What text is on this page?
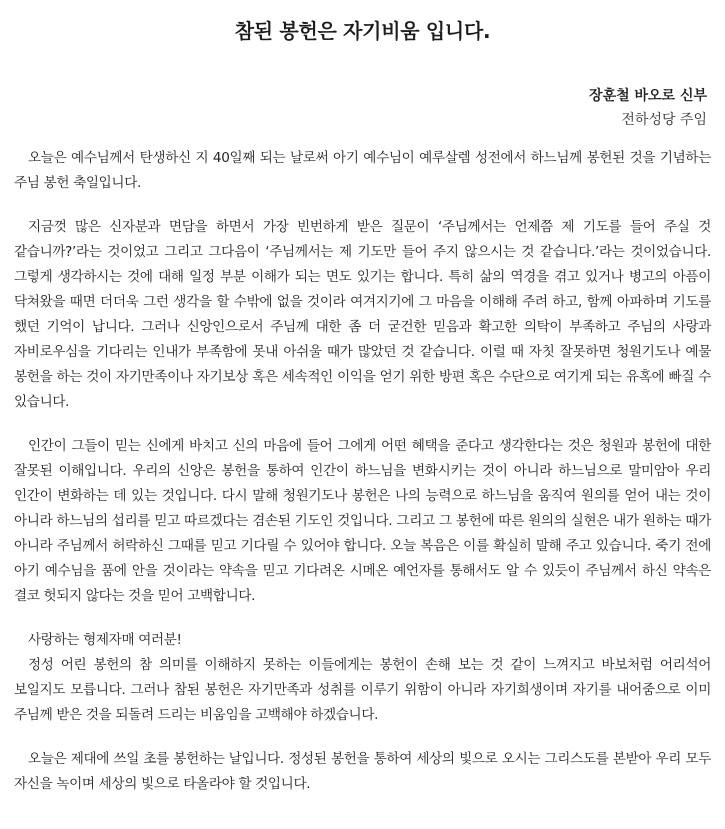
참된 봉헌은 자기비움 입니다.
장훈철 바오로 신부
전하성당 주임

오늘은 예수님께서 탄생하신 지 40일째 되는 날로써 아기 예수님이 예루살렘 성전에서 하느님께 봉헌된 것을 기념하는 주님 봉헌 축일입니다.

지금껏 많은 신자분과 면담을 하면서 가장 빈번하게 받은 질문이 ‘주님께서는 언제쯤 제 기도를 들어 주실 것 같습니까?’라는 것이었고 그리고 그다음이 ‘주님께서는 제 기도만 들어 주지 않으시는 것 같습니다.’라는 것이었습니다. 그렇게 생각하시는 것에 대해 일정 부분 이해가 되는 면도 있기는 합니다. 특히 삶의 역경을 겪고 있거나 병고의 아픔이 닥쳐왔을 때면 더더욱 그런 생각을 할 수밖에 없을 것이라 여겨지기에 그 마음을 이해해 주려 하고, 함께 아파하며 기도를 했던 기억이 납니다. 그러나 신앙인으로서 주님께 대한 좀 더 굳건한 믿음과 확고한 의탁이 부족하고 주님의 사랑과 자비로우심을 기다리는 인내가 부족함에 못내 아쉬울 때가 많았던 것 같습니다. 이럴 때 자칫 잘못하면 청원기도나 예물 봉헌을 하는 것이 자기만족이나 자기보상 혹은 세속적인 이익을 얻기 위한 방편 혹은 수단으로 여기게 되는 유혹에 빠질 수 있습니다.

인간이 그들이 믿는 신에게 바치고 신의 마음에 들어 그에게 어떤 혜택을 준다고 생각한다는 것은 청원과 봉헌에 대한 잘못된 이해입니다. 우리의 신앙은 봉헌을 통하여 인간이 하느님을 변화시키는 것이 아니라 하느님으로 말미암아 우리 인간이 변화하는 데 있는 것입니다. 다시 말해 청원기도나 봉헌은 나의 능력으로 하느님을 움직여 원의를 얻어 내는 것이 아니라 하느님의 섭리를 믿고 따르겠다는 겸손된 기도인 것입니다. 그리고 그 봉헌에 따른 원의의 실현은 내가 원하는 때가 아니라 주님께서 허락하신 그때를 믿고 기다릴 수 있어야 합니다. 오늘 복음은 이를 확실히 말해 주고 있습니다. 죽기 전에 아기 예수님을 품에 안을 것이라는 약속을 믿고 기다려온 시메온 예언자를 통해서도 알 수 있듯이 주님께서 하신 약속은 결코 헛되지 않다는 것을 믿어 고백합니다.

사랑하는 형제자매 여러분!

정성 어린 봉헌의 참 의미를 이해하지 못하는 이들에게는 봉헌이 손해 보는 것 같이 느껴지고 바보처럼 어리석어 보일지도 모릅니다. 그러나 참된 봉헌은 자기만족과 성취를 이루기 위함이 아니라 자기희생이며 자기를 내어줌으로 이미 주님께 받은 것을 되돌려 드리는 비움임을 고백해야 하겠습니다.

오늘은 제대에 쓰일 초를 봉헌하는 날입니다. 정성된 봉헌을 통하여 세상의 빛으로 오시는 그리스도를 본받아 우리 모두 자신을 녹이며 세상의 빛으로 타올라야 할 것입니다.
